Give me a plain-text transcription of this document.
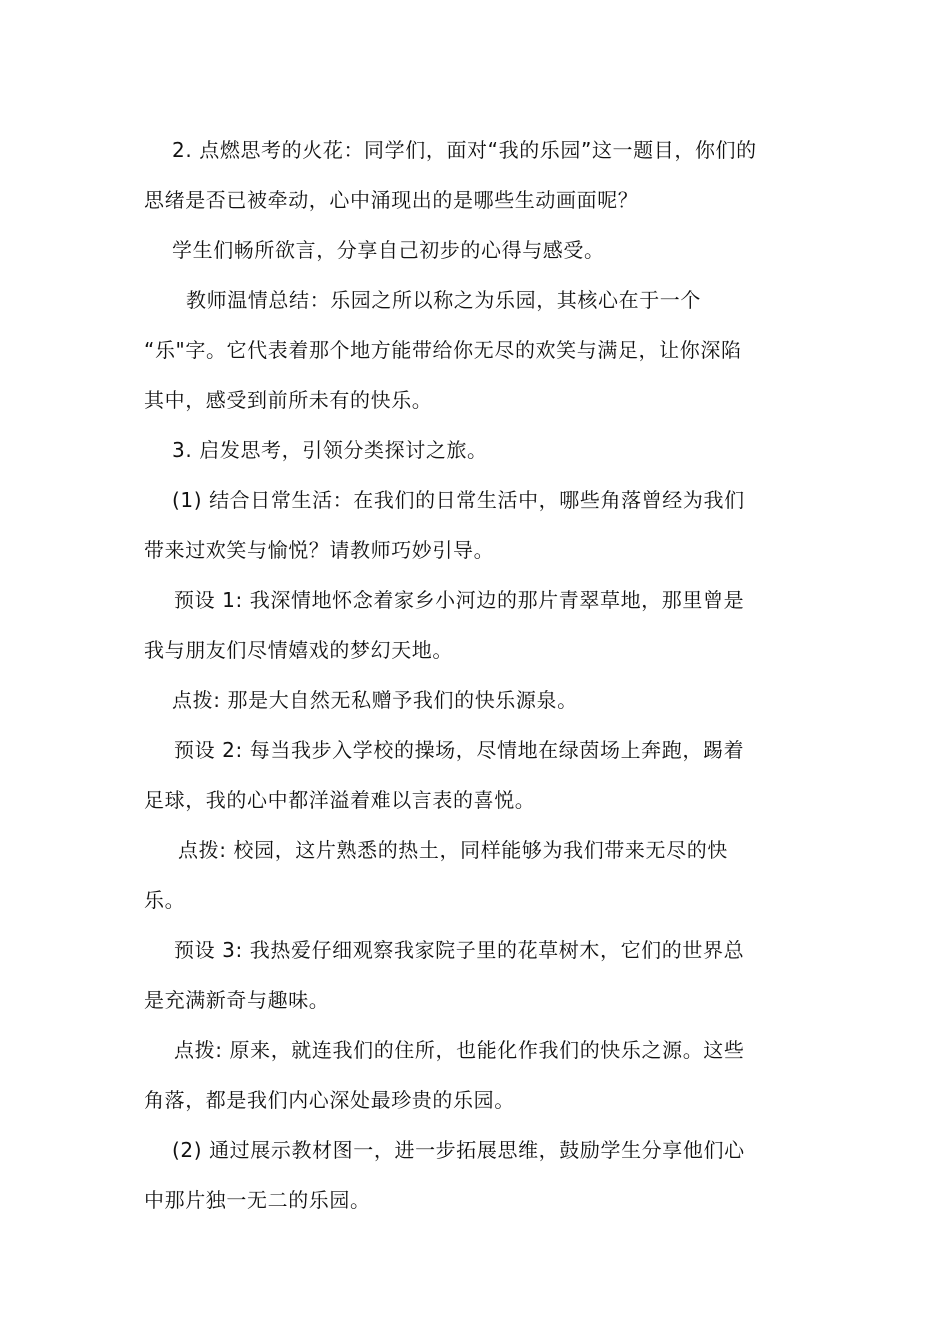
2. 点燃思考的火花：同学们，面对“我的乐园”这一题目，你们的
思绪是否已被牵动，心中涌现出的是哪些生动画面呢？
学生们畅所欲言，分享自己初步的心得与感受。
教师温情总结：乐园之所以称之为乐园，其核心在于一个
“乐"字。它代表着那个地方能带给你无尽的欢笑与满足，让你深陷
其中，感受到前所未有的快乐。
3. 启发思考，引领分类探讨之旅。
(1) 结合日常生活：在我们的日常生活中，哪些角落曾经为我们
带来过欢笑与愉悦？请教师巧妙引导。
预设 1: 我深情地怀念着家乡小河边的那片青翠草地，那里曾是
我与朋友们尽情嬉戏的梦幻天地。
点拨: 那是大自然无私赠予我们的快乐源泉。
预设 2: 每当我步入学校的操场，尽情地在绿茵场上奔跑，踢着
足球，我的心中都洋溢着难以言表的喜悦。
点拨: 校园，这片熟悉的热土，同样能够为我们带来无尽的快
乐。
预设 3: 我热爱仔细观察我家院子里的花草树木，它们的世界总
是充满新奇与趣味。
点拨: 原来，就连我们的住所，也能化作我们的快乐之源。这些
角落，都是我们内心深处最珍贵的乐园。
(2) 通过展示教材图一，进一步拓展思维，鼓励学生分享他们心
中那片独一无二的乐园。
